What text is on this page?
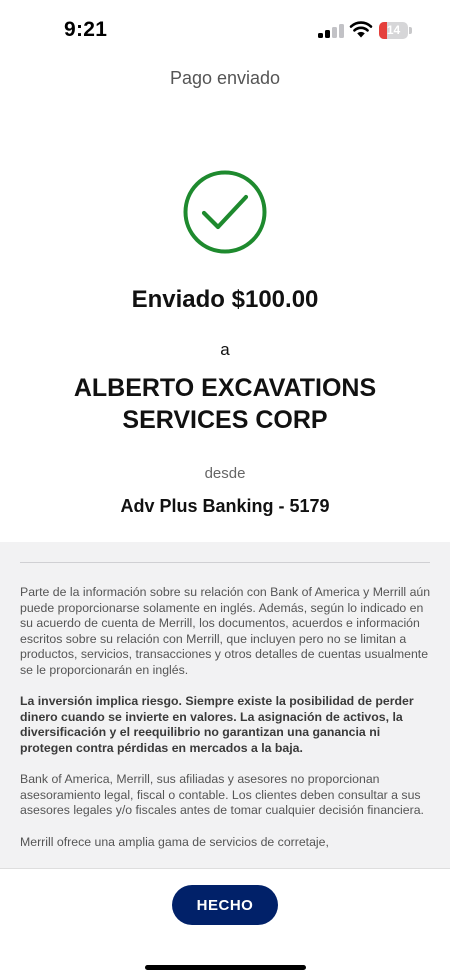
9:21	14
Pago enviado
Enviado $100.00
a
ALBERTO EXCAVATIONS SERVICES CORP
desde
Adv Plus Banking - 5179

Parte de la información sobre su relación con Bank of America y Merrill aún puede proporcionarse solamente en inglés. Además, según lo indicado en su acuerdo de cuenta de Merrill, los documentos, acuerdos e información escritos sobre su relación con Merrill, que incluyen pero no se limitan a productos, servicios, transacciones y otros detalles de cuentas usualmente se le proporcionarán en inglés.

La inversión implica riesgo. Siempre existe la posibilidad de perder dinero cuando se invierte en valores. La asignación de activos, la diversificación y el reequilibrio no garantizan una ganancia ni protegen contra pérdidas en mercados a la baja.

Bank of America, Merrill, sus afiliadas y asesores no proporcionan asesoramiento legal, fiscal o contable. Los clientes deben consultar a sus asesores legales y/o fiscales antes de tomar cualquier decisión financiera.

Merrill ofrece una amplia gama de servicios de corretaje,

HECHO
